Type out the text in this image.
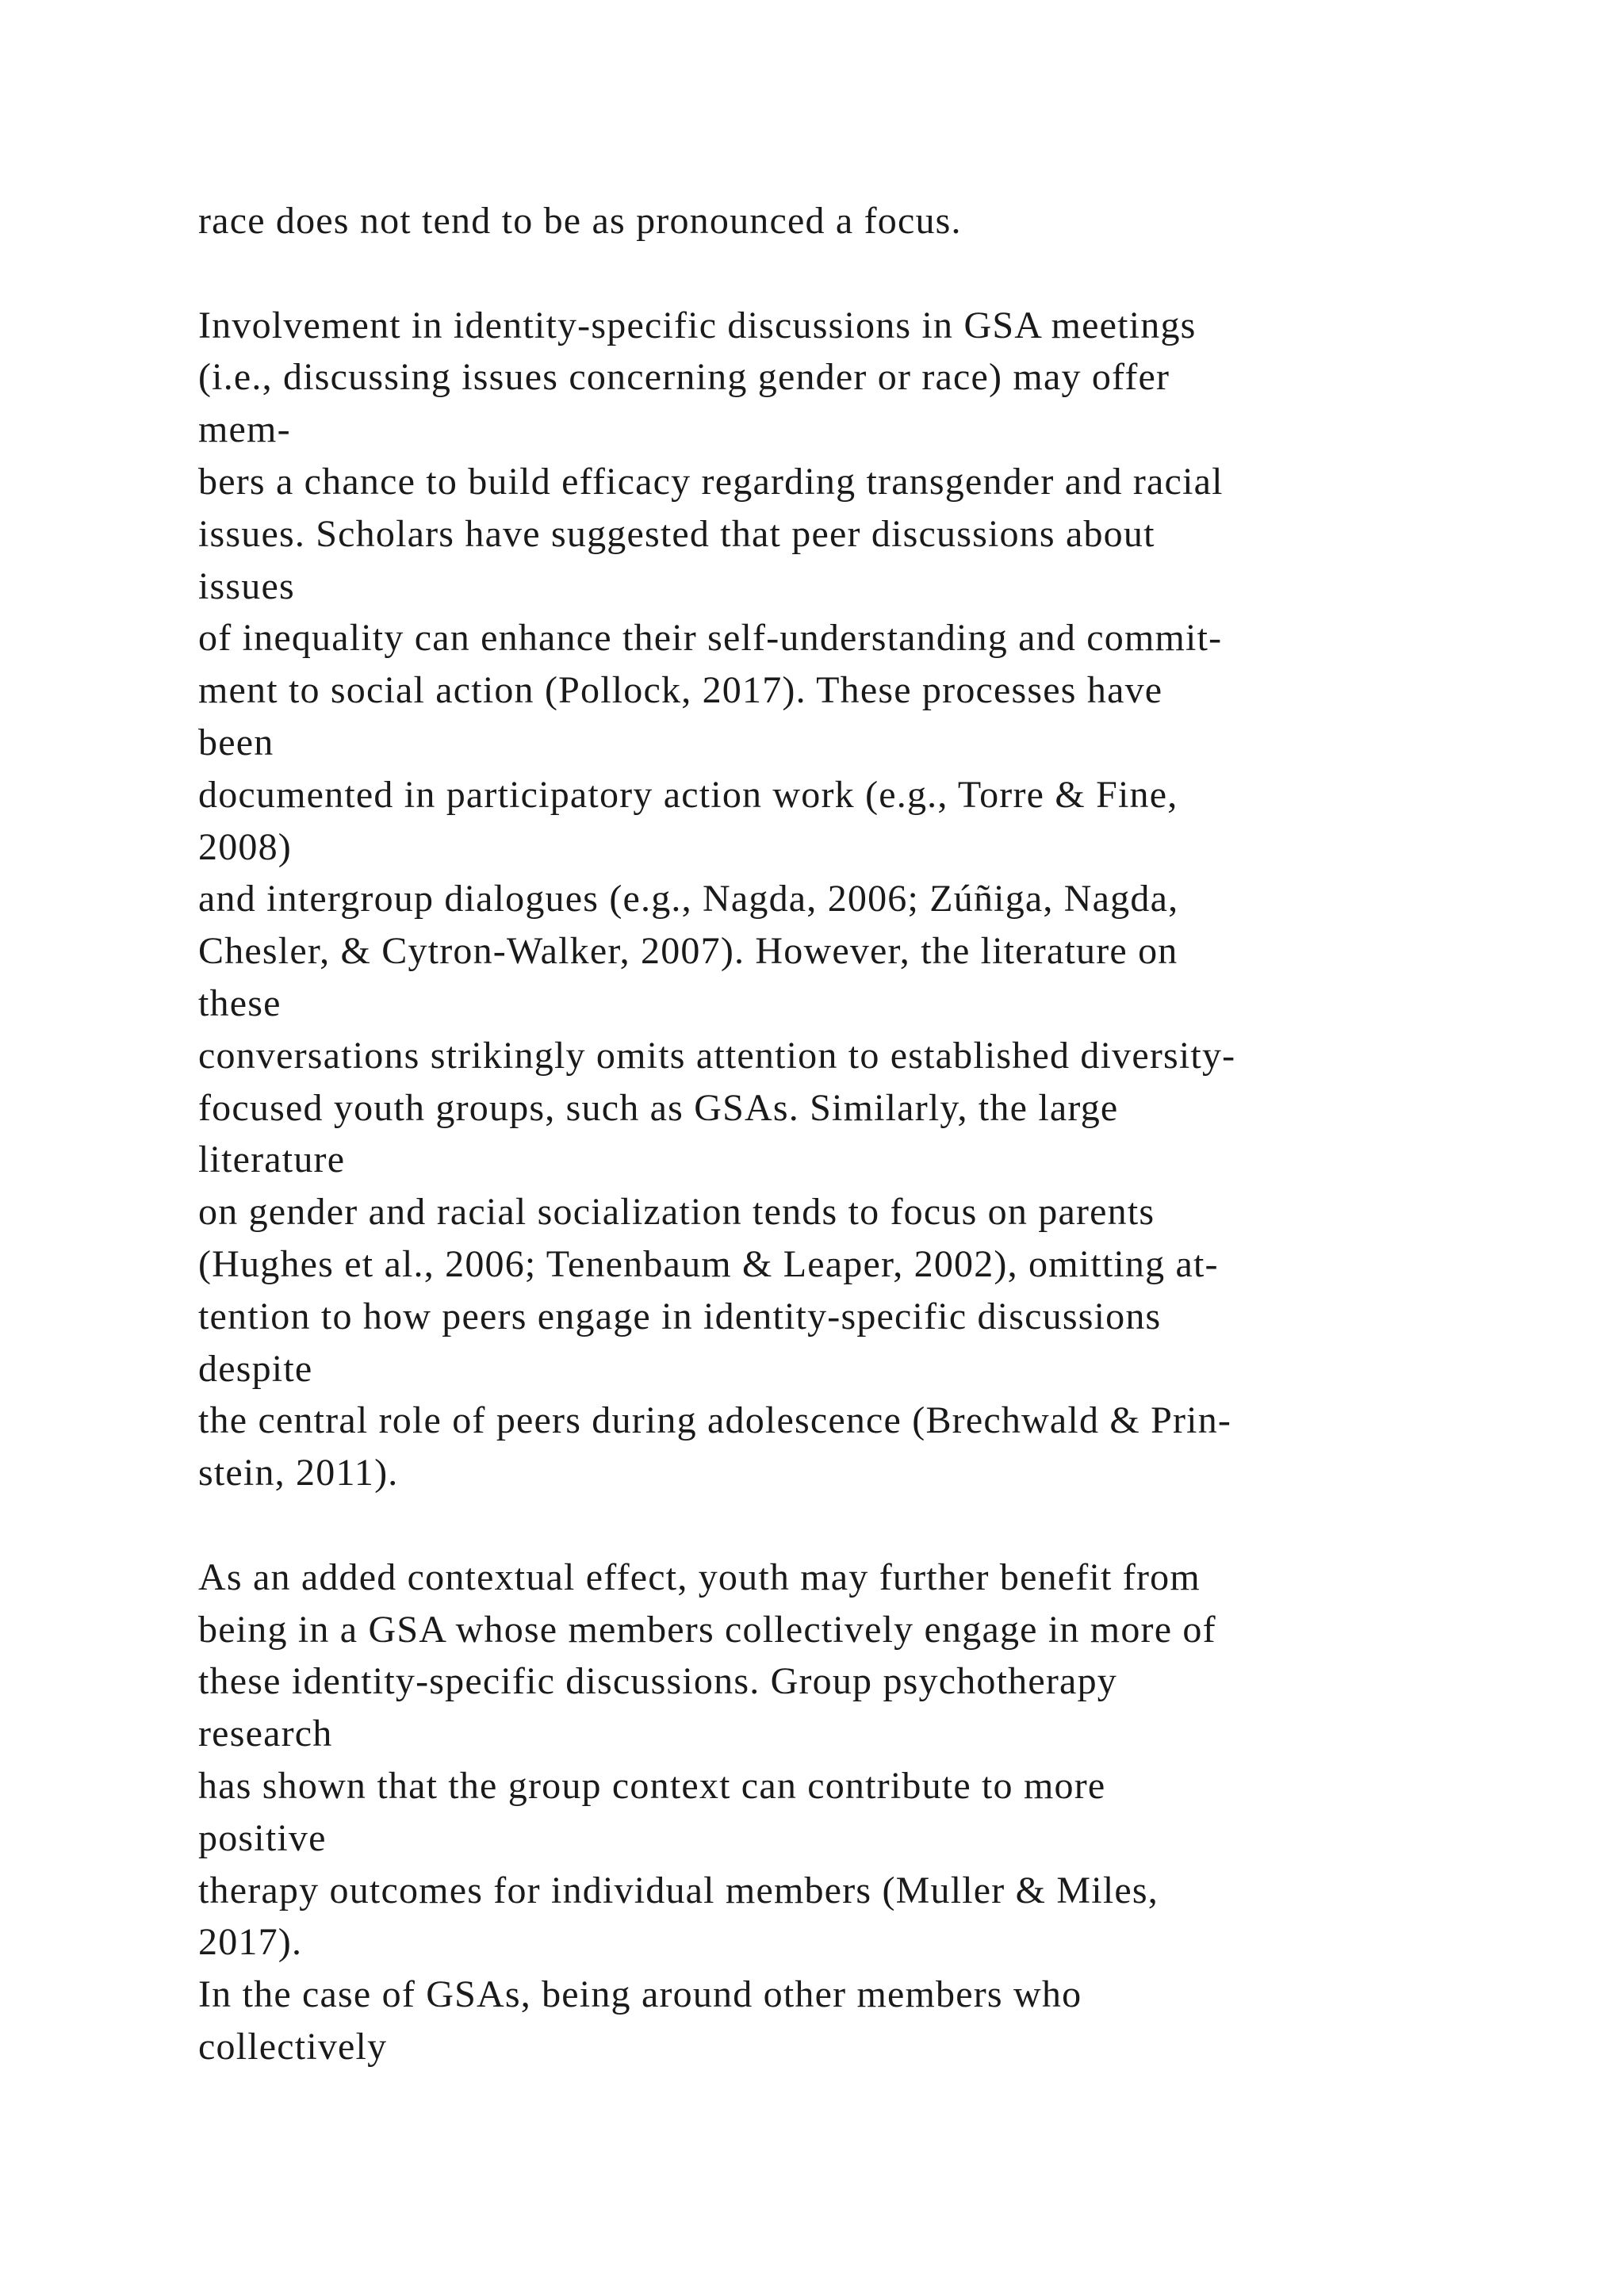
race does not tend to be as pronounced a focus.
Involvement in identity-specific discussions in GSA meetings
(i.e., discussing issues concerning gender or race) may offer
mem-
bers a chance to build efficacy regarding transgender and racial
issues. Scholars have suggested that peer discussions about
issues
of inequality can enhance their self-understanding and commit-
ment to social action (Pollock, 2017). These processes have
been
documented in participatory action work (e.g., Torre & Fine,
2008)
and intergroup dialogues (e.g., Nagda, 2006; Zúñiga, Nagda,
Chesler, & Cytron-Walker, 2007). However, the literature on
these
conversations strikingly omits attention to established diversity-
focused youth groups, such as GSAs. Similarly, the large
literature
on gender and racial socialization tends to focus on parents
(Hughes et al., 2006; Tenenbaum & Leaper, 2002), omitting at-
tention to how peers engage in identity-specific discussions
despite
the central role of peers during adolescence (Brechwald & Prin-
stein, 2011).
As an added contextual effect, youth may further benefit from
being in a GSA whose members collectively engage in more of
these identity-specific discussions. Group psychotherapy
research
has shown that the group context can contribute to more
positive
therapy outcomes for individual members (Muller & Miles,
2017).
In the case of GSAs, being around other members who
collectively
